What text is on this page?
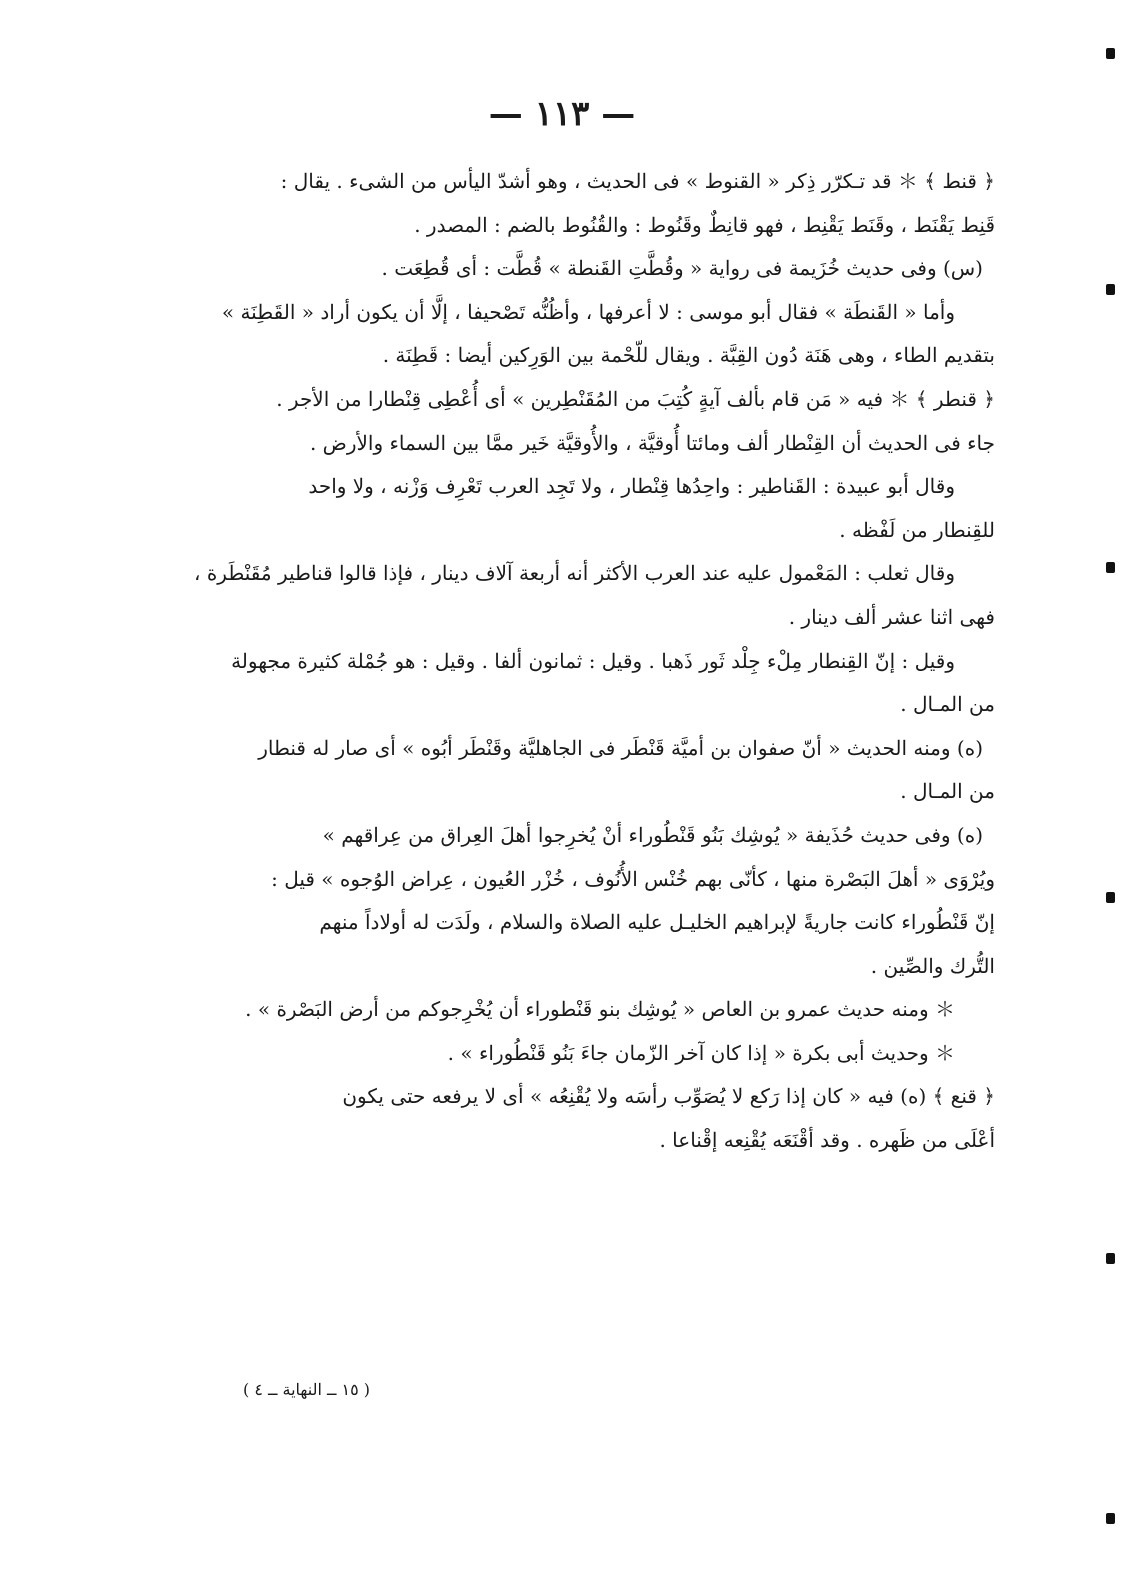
— ١١٣ —
﴿ قنط ﴾ ＊ قد تـكرّر ذِكر « القنوط » فى الحديث ، وهو أشدّ اليأس من الشىء . يقال :
قَنِط يَقْنَط ، وقَنَط يَقْنِط ، فهو قانِطٌ وقَنُوط : والقُنُوط بالضم : المصدر .
(س) وفى حديث خُزَيمة فى رواية « وقُطَّتِ القَنطة » قُطَّت : أى قُطِعَت .
وأما « القَنطَة » فقال أبو موسى : لا أعرفها ، وأظُنُّه تَصْحيفا ، إلَّا أن يكون أراد « القَطِنَة »
بتقديم الطاء ، وهى هَنَة دُون القِبَّة . ويقال للّحْمة بين الوَرِكين أيضا : قَطِنَة .
﴿ قنطر ﴾ ＊ فيه « مَن قام بألف آيةٍ كُتِبَ من المُقَنْطِرين » أى أُعْطِى قِنْطارا من الأجر .
جاء فى الحديث أن القِنْطار ألف ومائتا أُوقيَّة ، والأُوقيَّة خَير ممَّا بين السماء والأرض .
وقال أبو عبيدة : القَناطير : واحِدُها قِنْطار ، ولا تَجِد العرب تَعْرِف وَزْنه ، ولا واحد
للقِنطار من لَفْظه .
وقال ثعلب : المَعْمول عليه عند العرب الأكثر أنه أربعة آلاف دينار ، فإذا قالوا قناطير مُقَنْطَرة ،
فهى اثنا عشر ألف دينار .
وقيل : إنّ القِنطار مِلْء جِلْد ثَور ذَهبا . وقيل : ثمانون ألفا . وقيل : هو جُمْلة كثيرة مجهولة
من المـال .
(ه) ومنه الحديث « أنّ صفوان بن أميَّة قَنْطَر فى الجاهليَّة وقَنْطَر أبُوه » أى صار له قنطار
من المـال .
(ه) وفى حديث حُذَيفة « يُوشِك بَنُو قَنْطُوراء أنْ يُخرِجوا أهلَ العِراق من عِراقهم »
ويُرْوَى « أهلَ البَصْرة منها ، كأنّى بهم خُنْس الأُنُوف ، خُزْر العُيون ، عِراض الوُجوه » قيل :
إنّ قَنْطُوراء كانت جاريةً لإبراهيم الخليـل عليه الصلاة والسلام ، ولَدَت له أولاداً منهم
التُّرك والصِّين .
＊ ومنه حديث عمرو بن العاص « يُوشِك بنو قَنْطوراء أن يُخْرِجوكم من أرض البَصْرة » .
＊ وحديث أبى بكرة « إذا كان آخر الزّمان جاءَ بَنُو قَنْطُوراء » .
﴿ قنع ﴾ (ه) فيه « كان إذا رَكع لا يُصَوِّب رأسَه ولا يُقْنِعُه » أى لا يرفعه حتى يكون
أعْلَى من ظَهره . وقد أقْنَعَه يُقْنِعه إقْناعا .
( ١٥ ــ النهاية ــ ٤ )
